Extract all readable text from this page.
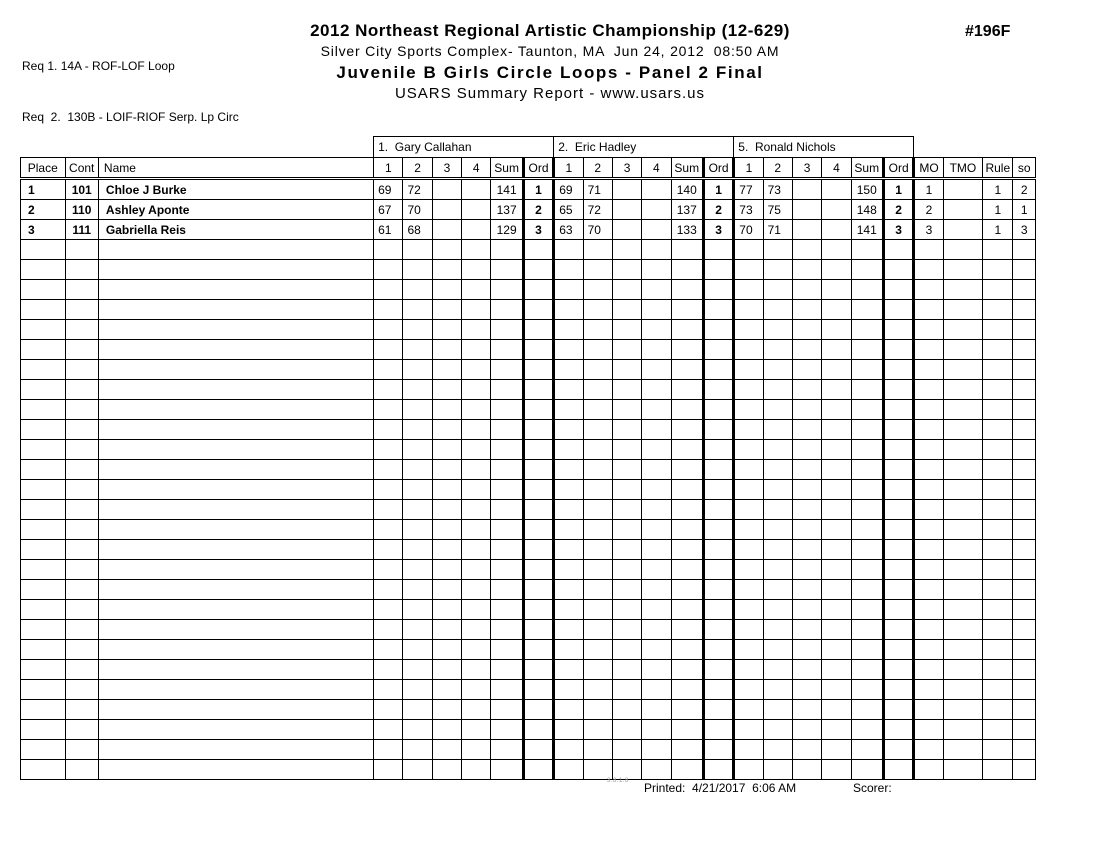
Req 1. 14A - ROF-LOF Loop

Req  2.  130B - LOIF-RIOF Serp. Lp Circ

2012 Northeast Regional Artistic Championship (12-629)
Silver City Sports Complex- Taunton, MA  Jun 24, 2012  08:50 AM
Juvenile B Girls Circle Loops - Panel 2 Final
USARS Summary Report - www.usars.us
#196F
			1.  Gary Callahan						2.  Eric Hadley						5.  Ronald Nichols									
Place	Cont	Name	1	2	3	4	Sum	Ord	1	2	3	4	Sum	Ord	1	2	3	4	Sum	Ord	MO	TMO	Rule	so
1	101	Chloe J Burke	69	72			141	1	69	71			140	1	77	73			150	1	1		1	2
2	110	Ashley Aponte	67	70			137	2	65	72			137	2	73	75			148	2	2		1	1
3	111	Gabriella Reis	61	68			129	3	63	70			133	3	70	71			141	3	3		1	3

3.8.1.8 Printed:  4/21/2017  6:06 AM	Scorer:
